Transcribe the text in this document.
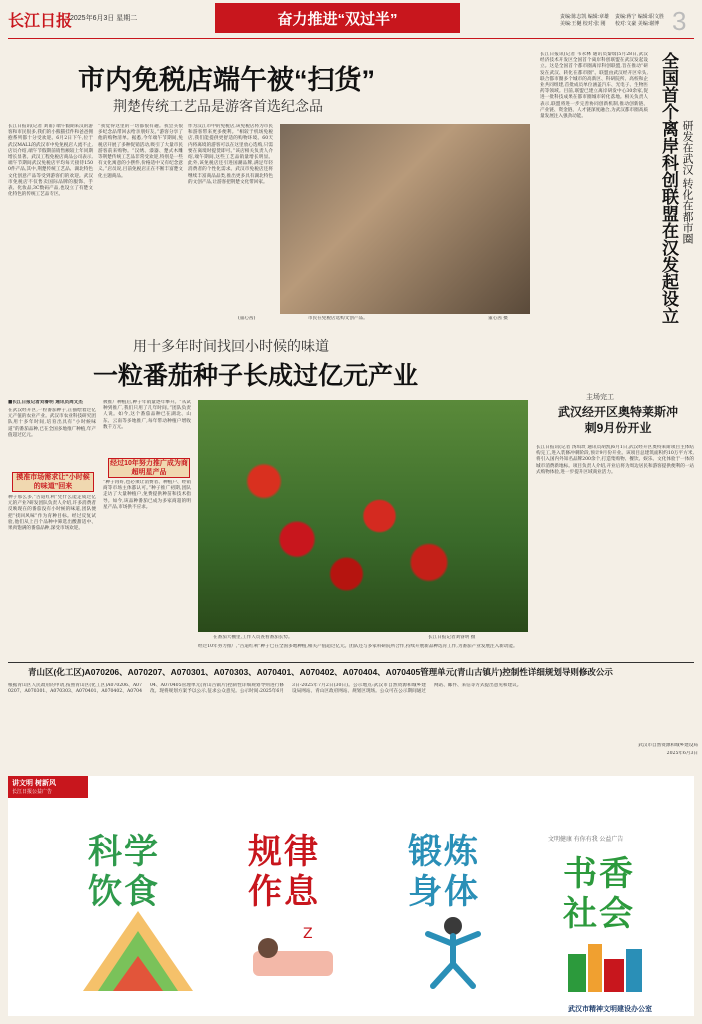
长江日报
2025年6月3日 星期二	奋力推进“双过半”	责编:陈志凯 编辑:章雄
美编:王樾 校对:张 刚
责编:蒋宁 编辑:职文胜
校对:文豪 美编:谢博 3
市内免税店端午被“扫货”
荆楚传统工艺品是游客首选纪念品
长江日报讯(记者 刘甫) 端午假期来汉的游客和市民很多,我们的小熊猫挂件和爸爸拥抱系列都十分受欢迎。6月2日下午,位于武汉MALL的武汉市中免免税店人流不止,店员介绍,端午节假期前销售额较上年同期增长显著。武汉工程免税店商品公司表示,端午节期间武汉免税店平均每天接待1500件产品,其中,荆楚传统工艺品、湖北特色文化创意产品等受到游客们的欢迎。武汉市免税店不仅售卖国际品牌的服饰、手表、化妆品,3C数码产品,也设立了有楚文化特色的传统工艺品专区。
“我觉得这里的一切都很有趣。我会买很多纪念品带回去给亲朋好友。”游客分享了他的购物清单。据悉,今年端午节期间,免税店开展了多种促销活动,吸引了大量市民游客前来购物。“汉绣、漆器、楚式木雕等荆楚传统工艺品非常受欢迎,特别是一些有文化寓意的小摆件,价格适中又有纪念意义。”店员说,目前免税店正在不断丰富楚文化主题商品。
作为汉江市中的免税店,该免税店将为市民和游客带来更多便利。“相较于机场免税店,我们能提供更舒适的购物环境。60天内将离境的游客可以在这里放心选购,只需要在离境时提货即可。”该店相关负责人介绍,端午期间,这些工艺品销量增长明显。此外,该免税店还引进国潮品牌,满足年轻消费者的个性化需求。武汉市免税店还将继续丰富商品品类,推出更多具有湖北特色的文创产品,让游客把荆楚文化带回家。
市民在免税店选购文创产品。	董心茜 摄
(董心茜)
用十多年时间找回小时候的味道
一粒番茄种子长成过亿元产业
■长江日报记者刘睿明 通讯员周文杰
在武汉经开区,一粒番茄种子,正描绘着过亿元产值的农业产业。武汉市农业科技研究团队用十多年时间,培育出具有“小时候味道”的番茄品种,已在全国多地推广种植,年产值超过亿元。
摸准市场需求让“小时候的味道”回来
种子那么多,“古道红利”凭什么能走成过亿元的产业?研发团队负责人介绍,许多消费者反映现在的番茄没有小时候的味道,团队便把“找回风味”作为育种目标。经过反复试验,他们从上百个品种中筛选出酸甜适中、果肉饱满的番茄品种,深受市场欢迎。
被推广种植后,种子年销量逐年攀升。“从试种到推广,我们只用了几年时间。”团队负责人说。如今,这个番茄品种已在湖北、山东、云南等多地推广,每年带动种植户增收数千万元。
经过10年努力推广成为商超明星产品
“种子再好,也必须让消费者、种植户、经销商等市场主体都认可。”种子推广初期,团队走访了大量种植户,免费提供种苗和技术指导。如今,该品种番茄已成为多家商超的明星产品,市场供不应求。
在番茄大棚里,工作人员查看番茄长势。	长江日报记者刘睿明 摄
经过10年努力推广,“古道红利”种子已在全国多地种植,相关产值超过亿元。团队还与多家科研院所合作,持续开展新品种选育工作,为番茄产业发展注入新动能。
长江日报讯(记者 韦永林 通讯员秦瑞)5月28日,武汉经济技术开发区全国首个离岸科创联盟在武汉发起设立。这是全国首个都市圈离岸科创联盟,旨在推动“研发在武汉、转化在都市圈”。联盟由武汉经开区牵头,联合都市圈多个城市的高新区、科研院所、高校和企业共同组建,首批成员单位涵盖汽车、光电子、生物医药等领域。目前,联盟已建立离岸研发中心30余家,促进一批科技成果在都市圈城市转化落地。相关负责人表示,联盟将进一步完善协同创新机制,推动创新链、产业链、资金链、人才链深度融合,为武汉都市圈高质量发展注入强劲动能。	全国首个离岸科创联盟在汉发起设立 研发在武汉 转化在都市圈
主场完工
武汉经开区奥特莱斯冲刺9月份开业
长江日报讯(记者 汤琪玫 通讯员胡凯)6月1日,武汉经开区奥特莱斯项目主体结构完工,进入装修冲刺阶段,预计9月份开业。该项目总建筑面积约10万平方米,将引入国内外知名品牌200余个,打造集购物、餐饮、娱乐、文化体验于一体的城市消费新地标。项目负责人介绍,开业后将为周边居民和游客提供便利的一站式购物体验,进一步提升区域商业活力。
青山区(化工区)A070206、A070207、A070301、A070303、A070401、A070402、A070404、A070405管理单元(青山古镇片)控制性详细规划导则修改公示
根据青山区人民政府的申请,按照青山区(化工区)A070206、A070207、A070301、A070303、A070401、A070402、A070404、A070405管理单元(青山古镇片)控制性详细规划导则进行修改。现将规划方案予以公示,征求公众意见。公示时间:2025年6月3日-2025年7月2日(30日)。公示地点:武汉市自然资源和城乡建设局网站、青山区政府网站、规划区现场。公众可在公示期间通过网站、邮件、来信等方式提出意见和建议。
武汉市自然资源和城乡建设局
2025年6月3日
讲文明 树新风
长江日报公益广告
文明健康 有你有我 公益广告
科学
饮食
规律
作息
Z
锻炼
身体 书香
社会
武汉市精神文明建设办公室
